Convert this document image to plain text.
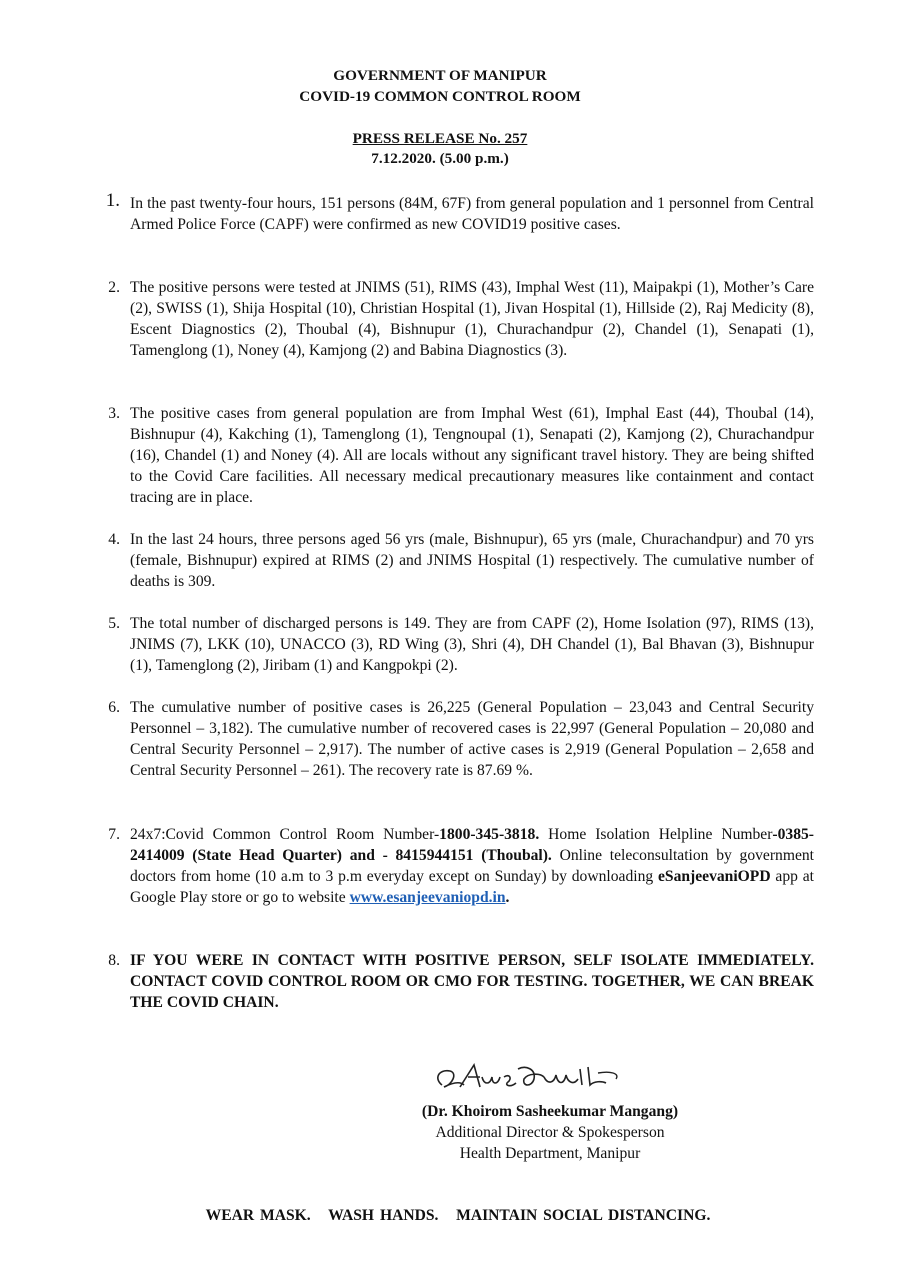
GOVERNMENT OF MANIPUR
COVID-19 COMMON CONTROL ROOM
PRESS RELEASE No. 257
7.12.2020. (5.00 p.m.)
1. In the past twenty-four hours, 151 persons (84M, 67F) from general population and 1 personnel from Central Armed Police Force (CAPF) were confirmed as new COVID19 positive cases.
2. The positive persons were tested at JNIMS (51), RIMS (43), Imphal West (11), Maipakpi (1), Mother’s Care (2), SWISS (1), Shija Hospital (10), Christian Hospital (1), Jivan Hospital (1), Hillside (2), Raj Medicity (8), Escent Diagnostics (2), Thoubal (4), Bishnupur (1), Churachandpur (2), Chandel (1), Senapati (1), Tamenglong (1), Noney (4), Kamjong (2) and Babina Diagnostics (3).
3. The positive cases from general population are from Imphal West (61), Imphal East (44), Thoubal (14), Bishnupur (4), Kakching (1), Tamenglong (1), Tengnoupal (1), Senapati (2), Kamjong (2), Churachandpur (16), Chandel (1) and Noney (4). All are locals without any significant travel history. They are being shifted to the Covid Care facilities. All necessary medical precautionary measures like containment and contact tracing are in place.
4. In the last 24 hours, three persons aged 56 yrs (male, Bishnupur), 65 yrs (male, Churachandpur) and 70 yrs (female, Bishnupur) expired at RIMS (2) and JNIMS Hospital (1) respectively. The cumulative number of deaths is 309.
5. The total number of discharged persons is 149. They are from CAPF (2), Home Isolation (97), RIMS (13), JNIMS (7), LKK (10), UNACCO (3), RD Wing (3), Shri (4), DH Chandel (1), Bal Bhavan (3), Bishnupur (1), Tamenglong (2), Jiribam (1) and Kangpokpi (2).
6. The cumulative number of positive cases is 26,225 (General Population – 23,043 and Central Security Personnel – 3,182). The cumulative number of recovered cases is 22,997 (General Population – 20,080 and Central Security Personnel – 2,917). The number of active cases is 2,919 (General Population – 2,658 and Central Security Personnel – 261). The recovery rate is 87.69 %.
7. 24x7:Covid Common Control Room Number-1800-345-3818. Home Isolation Helpline Number-0385-2414009 (State Head Quarter) and - 8415944151 (Thoubal). Online teleconsultation by government doctors from home (10 a.m to 3 p.m everyday except on Sunday) by downloading eSanjeevaniOPD app at Google Play store or go to website www.esanjeevaniopd.in.
8. IF YOU WERE IN CONTACT WITH POSITIVE PERSON, SELF ISOLATE IMMEDIATELY. CONTACT COVID CONTROL ROOM OR CMO FOR TESTING. TOGETHER, WE CAN BREAK THE COVID CHAIN.
(Dr. Khoirom Sasheekumar Mangang)
Additional Director & Spokesperson
Health Department, Manipur
WEAR MASK.   WASH HANDS.   MAINTAIN SOCIAL DISTANCING.
